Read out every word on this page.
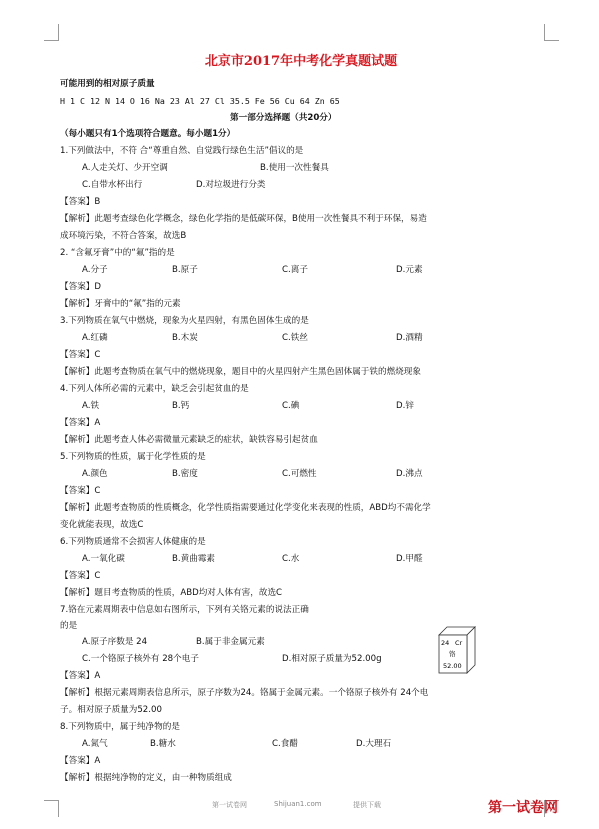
北京市2017年中考化学真题试题
可能用到的相对原子质量
H 1 C 12 N 14 O 16 Na 23 Al 27 Cl 35.5 Fe 56 Cu 64 Zn 65
第一部分选择题（共20分）
（每小题只有1个选项符合题意。每小题1分）
1.下列做法中，不符 合“尊重自然、自觉践行绿色生活”倡议的是
A.人走关灯、少开空调	B.使用一次性餐具
C.自带水杯出行	D.对垃圾进行分类
【答案】B
【解析】此题考查绿色化学概念，绿色化学指的是低碳环保，B使用一次性餐具不利于环保，易造
成环境污染，不符合答案，故选B
2. “含氟牙膏”中的“氟”指的是
A.分子	B.原子	C.离子	D.元素
【答案】D
【解析】牙膏中的“氟”指的元素
3.下列物质在氧气中燃烧，现象为火星四射，有黑色固体生成的是
A.红磷	B.木炭	C.铁丝	D.酒精
【答案】C
【解析】此题考查物质在氧气中的燃烧现象，题目中的火星四射产生黑色固体属于铁的燃烧现象
4.下列人体所必需的元素中，缺乏会引起贫血的是
A.铁	B.钙	C.碘	D.锌
【答案】A
【解析】此题考查人体必需微量元素缺乏的症状，缺铁容易引起贫血
5.下列物质的性质，属于化学性质的是
A.颜色	B.密度	C.可燃性	D.沸点
【答案】C
【解析】此题考查物质的性质概念，化学性质指需要通过化学变化来表现的性质，ABD均不需化学
变化就能表现，故选C
6.下列物质通常不会损害人体健康的是
A.一氧化碳	B.黄曲霉素	C.水	D.甲醛
【答案】C
【解析】题目考查物质的性质，ABD均对人体有害，故选C
7.铬在元素周期表中信息如右图所示，下列有关铬元素的说法正确
的是
A.原子序数是 24	B.属于非金属元素
C.一个铬原子核外有 28个电子	D.相对原子质量为52.00g
【答案】A
【解析】根据元素周期表信息所示，原子序数为24。铬属于金属元素。一个铬原子核外有 24个电
子。相对原子质量为52.00
8.下列物质中，属于纯净物的是
A.氮气	B.糖水	C.食醋	D.大理石
【答案】A
【解析】根据纯净物的定义，由一种物质组成
24 Cr
铬
52.00
第一试卷网	Shijuan1.com	提供下载	第一试卷网
